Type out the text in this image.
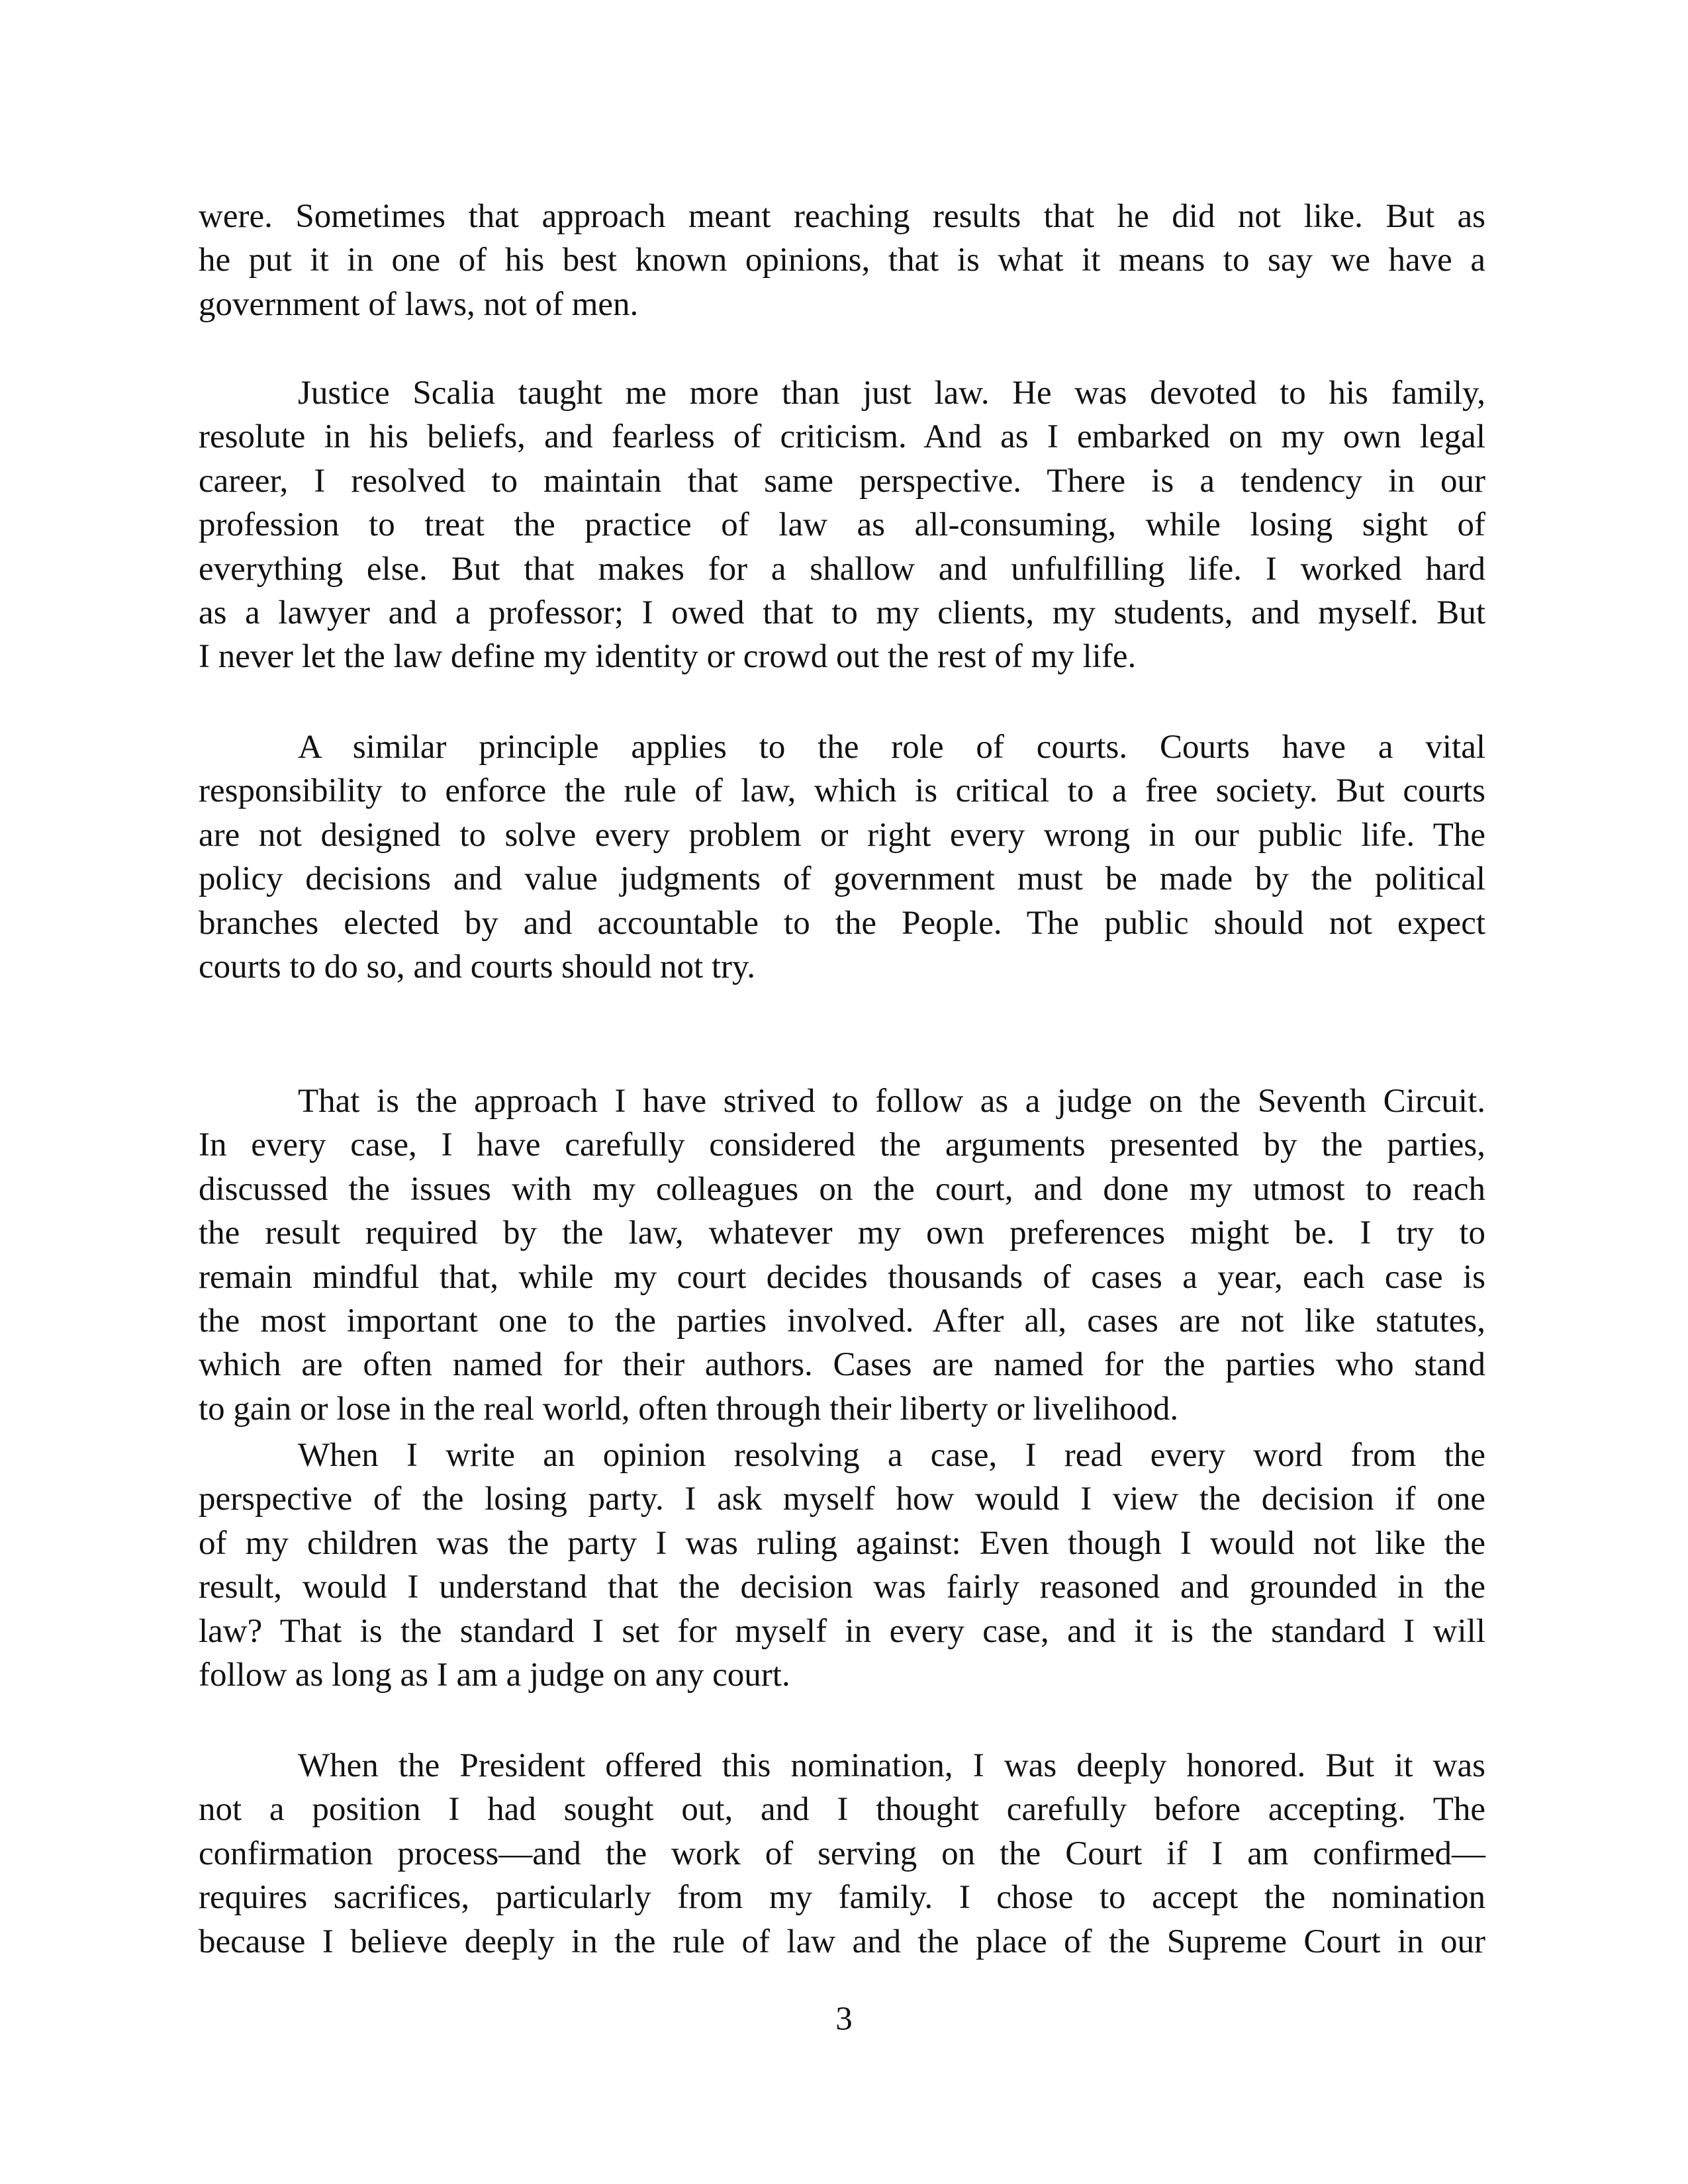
were. Sometimes that approach meant reaching results that he did not like. But as
he put it in one of his best known opinions, that is what it means to say we have a
government of laws, not of men.
Justice Scalia taught me more than just law. He was devoted to his family,
resolute in his beliefs, and fearless of criticism. And as I embarked on my own legal
career, I resolved to maintain that same perspective. There is a tendency in our
profession to treat the practice of law as all-consuming, while losing sight of
everything else. But that makes for a shallow and unfulfilling life. I worked hard
as a lawyer and a professor; I owed that to my clients, my students, and myself. But
I never let the law define my identity or crowd out the rest of my life.
A similar principle applies to the role of courts. Courts have a vital
responsibility to enforce the rule of law, which is critical to a free society. But courts
are not designed to solve every problem or right every wrong in our public life. The
policy decisions and value judgments of government must be made by the political
branches elected by and accountable to the People. The public should not expect
courts to do so, and courts should not try.
That is the approach I have strived to follow as a judge on the Seventh Circuit.
In every case, I have carefully considered the arguments presented by the parties,
discussed the issues with my colleagues on the court, and done my utmost to reach
the result required by the law, whatever my own preferences might be. I try to
remain mindful that, while my court decides thousands of cases a year, each case is
the most important one to the parties involved. After all, cases are not like statutes,
which are often named for their authors. Cases are named for the parties who stand
to gain or lose in the real world, often through their liberty or livelihood.
When I write an opinion resolving a case, I read every word from the
perspective of the losing party. I ask myself how would I view the decision if one
of my children was the party I was ruling against: Even though I would not like the
result, would I understand that the decision was fairly reasoned and grounded in the
law? That is the standard I set for myself in every case, and it is the standard I will
follow as long as I am a judge on any court.
When the President offered this nomination, I was deeply honored. But it was
not a position I had sought out, and I thought carefully before accepting. The
confirmation process—and the work of serving on the Court if I am confirmed—
requires sacrifices, particularly from my family. I chose to accept the nomination
because I believe deeply in the rule of law and the place of the Supreme Court in our
3
